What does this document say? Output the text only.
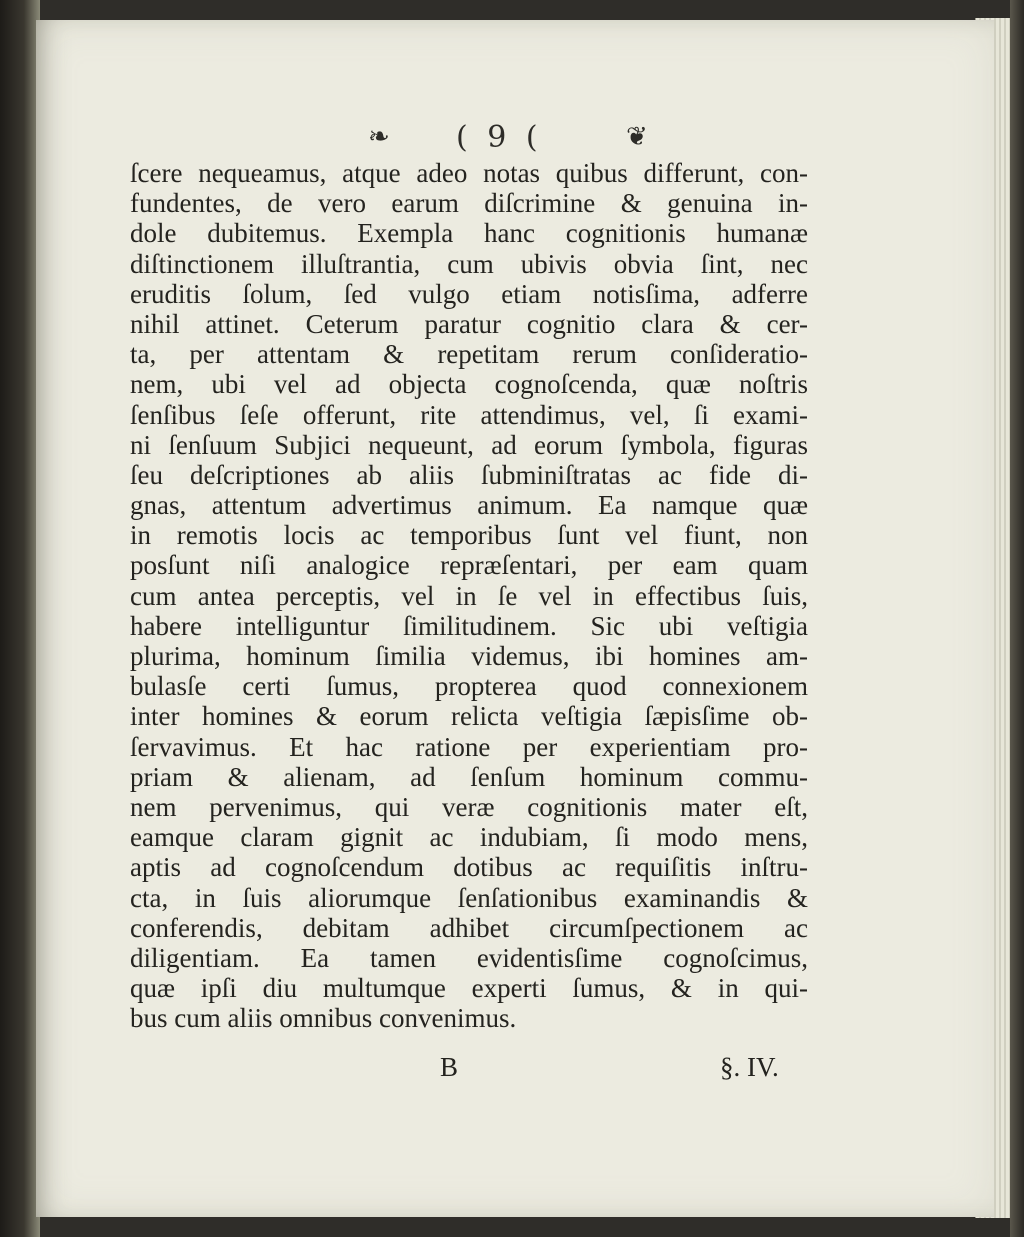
❧ ( 9 (	❦
ſcere nequeamus, atque adeo notas quibus differunt, con-
fundentes, de vero earum diſcrimine & genuina in-
dole dubitemus. Exempla hanc cognitionis humanæ
diſtinctionem illuſtrantia, cum ubivis obvia ſint, nec
eruditis ſolum, ſed vulgo etiam notisſima, adferre
nihil attinet. Ceterum paratur cognitio clara & cer-
ta, per attentam & repetitam rerum conſideratio-
nem, ubi vel ad objecta cognoſcenda, quæ noſtris
ſenſibus ſeſe offerunt, rite attendimus, vel, ſi exami-
ni ſenſuum Subjici nequeunt, ad eorum ſymbola, figuras
ſeu deſcriptiones ab aliis ſubminiſtratas ac fide di-
gnas, attentum advertimus animum. Ea namque quæ
in remotis locis ac temporibus ſunt vel fiunt, non
posſunt niſi analogice repræſentari, per eam quam
cum antea perceptis, vel in ſe vel in effectibus ſuis,
habere intelliguntur ſimilitudinem. Sic ubi veſtigia
plurima, hominum ſimilia videmus, ibi homines am-
bulasſe certi ſumus, propterea quod connexionem
inter homines & eorum relicta veſtigia ſæpisſime ob-
ſervavimus. Et hac ratione per experientiam pro-
priam & alienam, ad ſenſum hominum commu-
nem pervenimus, qui veræ cognitionis mater eſt,
eamque claram gignit ac indubiam, ſi modo mens,
aptis ad cognoſcendum dotibus ac requiſitis inſtru-
cta, in ſuis aliorumque ſenſationibus examinandis &
conferendis, debitam adhibet circumſpectionem ac
diligentiam. Ea tamen evidentisſime cognoſcimus,
quæ ipſi diu multumque experti ſumus, & in qui-
bus cum aliis omnibus convenimus.
B	§. IV.
